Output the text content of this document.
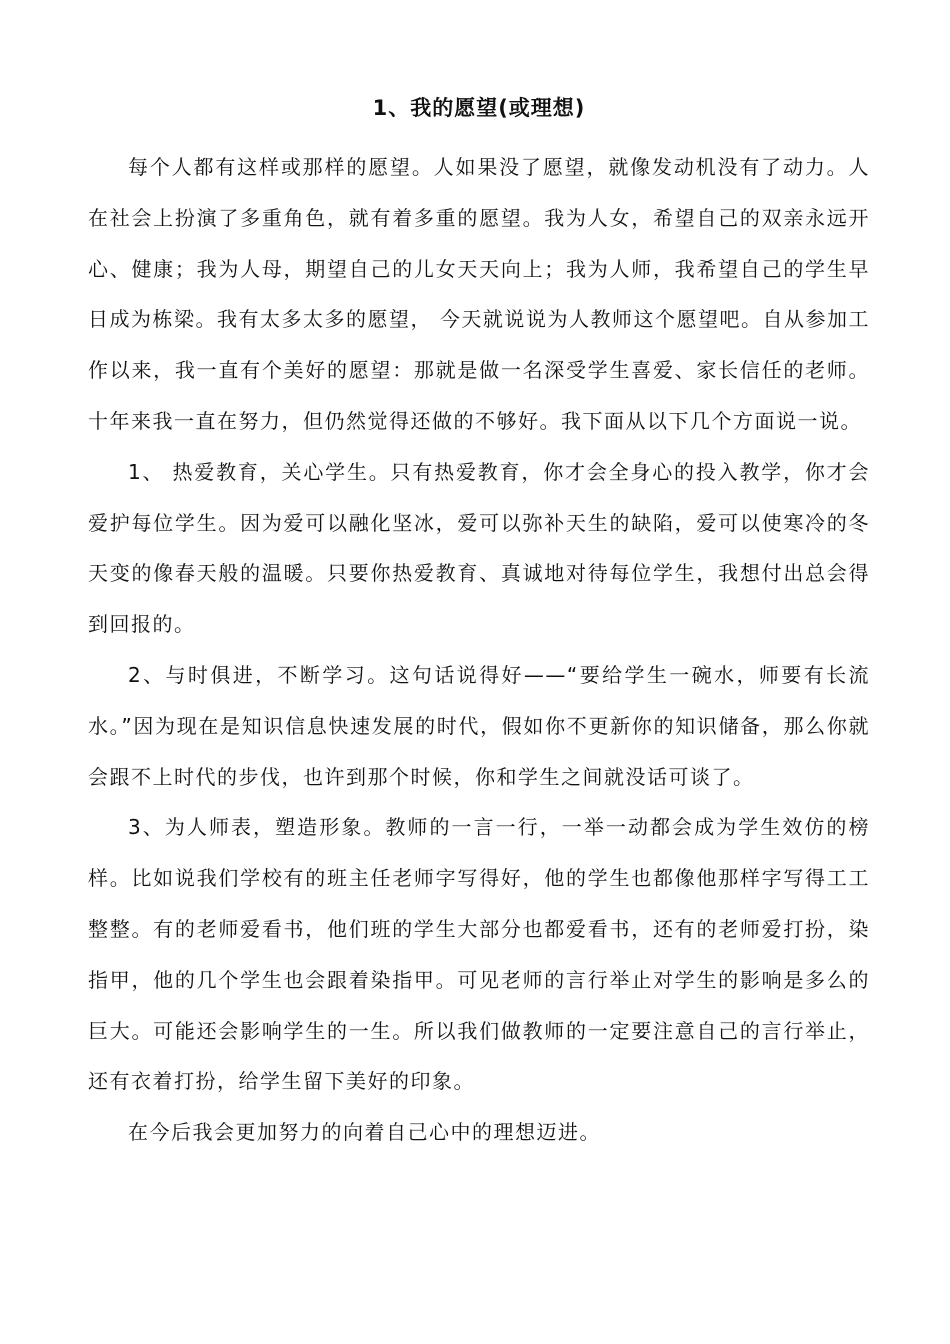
1、我的愿望(或理想)

每个人都有这样或那样的愿望。人如果没了愿望，就像发动机没有了动力。人在社会上扮演了多重角色，就有着多重的愿望。我为人女，希望自己的双亲永远开心、健康；我为人母，期望自己的儿女天天向上；我为人师，我希望自己的学生早日成为栋梁。我有太多太多的愿望， 今天就说说为人教师这个愿望吧。自从参加工作以来，我一直有个美好的愿望：那就是做一名深受学生喜爱、家长信任的老师。十年来我一直在努力，但仍然觉得还做的不够好。我下面从以下几个方面说一说。

1、 热爱教育，关心学生。只有热爱教育，你才会全身心的投入教学，你才会爱护每位学生。因为爱可以融化坚冰，爱可以弥补天生的缺陷，爱可以使寒冷的冬天变的像春天般的温暖。只要你热爱教育、真诚地对待每位学生，我想付出总会得到回报的。

2、与时俱进，不断学习。这句话说得好——“要给学生一碗水，师要有长流水。”因为现在是知识信息快速发展的时代，假如你不更新你的知识储备，那么你就会跟不上时代的步伐，也许到那个时候，你和学生之间就没话可谈了。

3、为人师表，塑造形象。教师的一言一行，一举一动都会成为学生效仿的榜样。比如说我们学校有的班主任老师字写得好，他的学生也都像他那样字写得工工整整。有的老师爱看书，他们班的学生大部分也都爱看书，还有的老师爱打扮，染指甲，他的几个学生也会跟着染指甲。可见老师的言行举止对学生的影响是多么的巨大。可能还会影响学生的一生。所以我们做教师的一定要注意自己的言行举止，还有衣着打扮，给学生留下美好的印象。

在今后我会更加努力的向着自己心中的理想迈进。
